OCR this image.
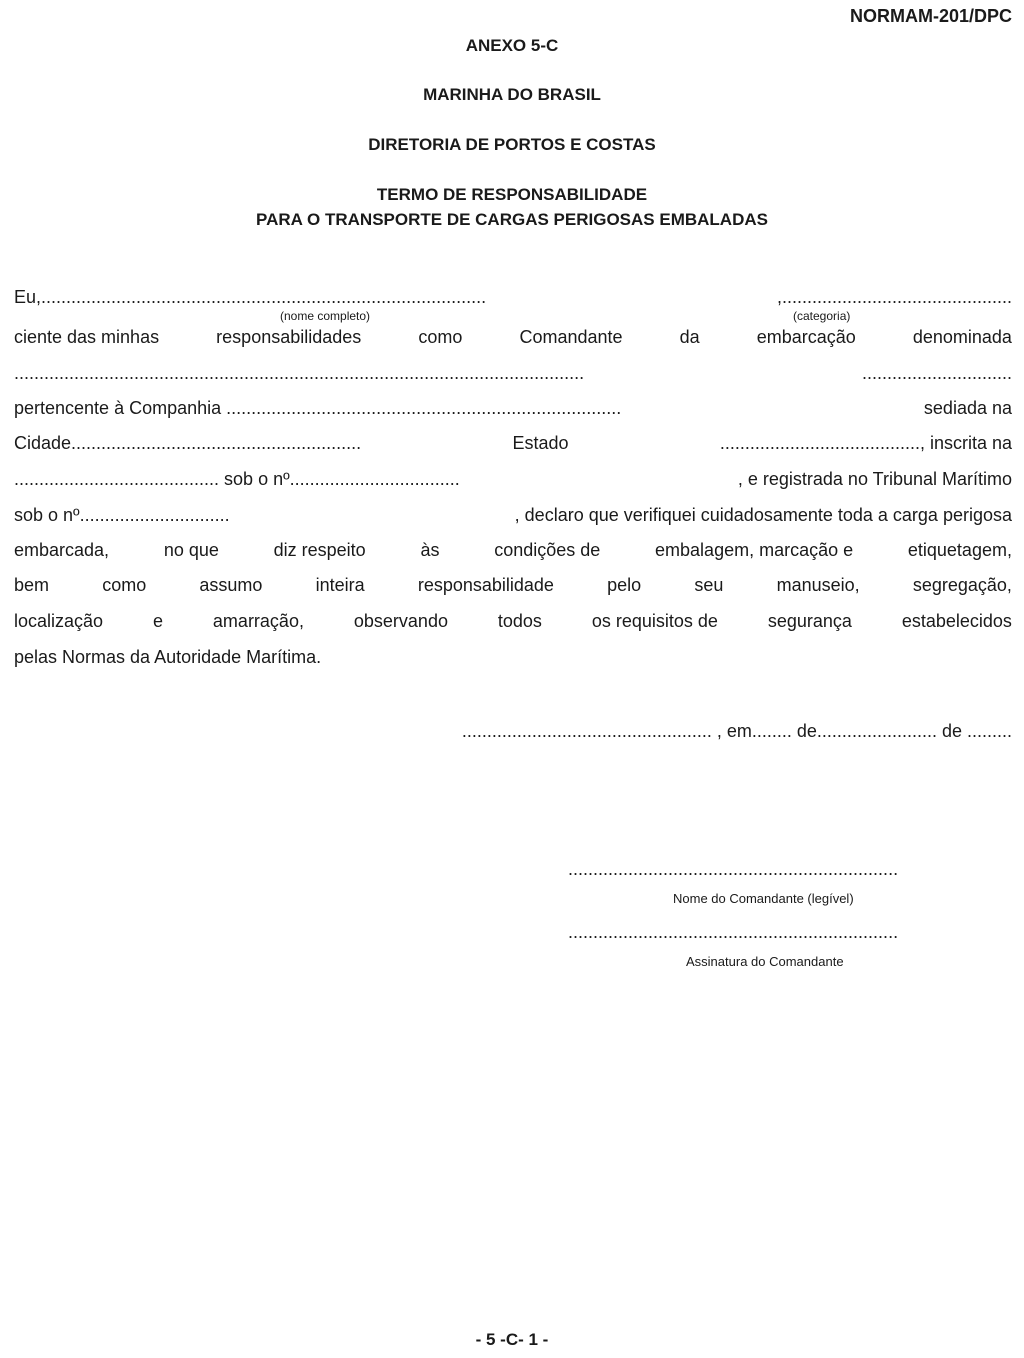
NORMAM-201/DPC
ANEXO 5-C
MARINHA DO BRASIL
DIRETORIA DE PORTOS E COSTAS
TERMO DE RESPONSABILIDADE
PARA O TRANSPORTE DE CARGAS PERIGOSAS EMBALADAS
Eu,.........................................................................................	,..............................................
(nome completo)	(categoria)
ciente das minhas	responsabilidades	como	Comandante	da	embarcação	denominada
..................................................................................................................	..............................
pertencente à Companhia ...............................................................................	sediada na
Cidade..........................................................	Estado	........................................, inscrita na
......................................... sob o nº..................................	, e registrada no Tribunal Marítimo
sob o nº..............................	, declaro que verifiquei cuidadosamente toda a carga perigosa
embarcada,	no que	diz respeito	às	condições de	embalagem, marcação e	etiquetagem,
bem	como	assumo	inteira	responsabilidade	pelo	seu	manuseio,	segregação,
localização	e	amarração,	observando	todos	os requisitos de	segurança	estabelecidos
pelas Normas da Autoridade Marítima.
.................................................. , em........ de........................ de .........
..................................................................
Nome do Comandante (legível)
..................................................................
Assinatura do Comandante
- 5 -C- 1 -
